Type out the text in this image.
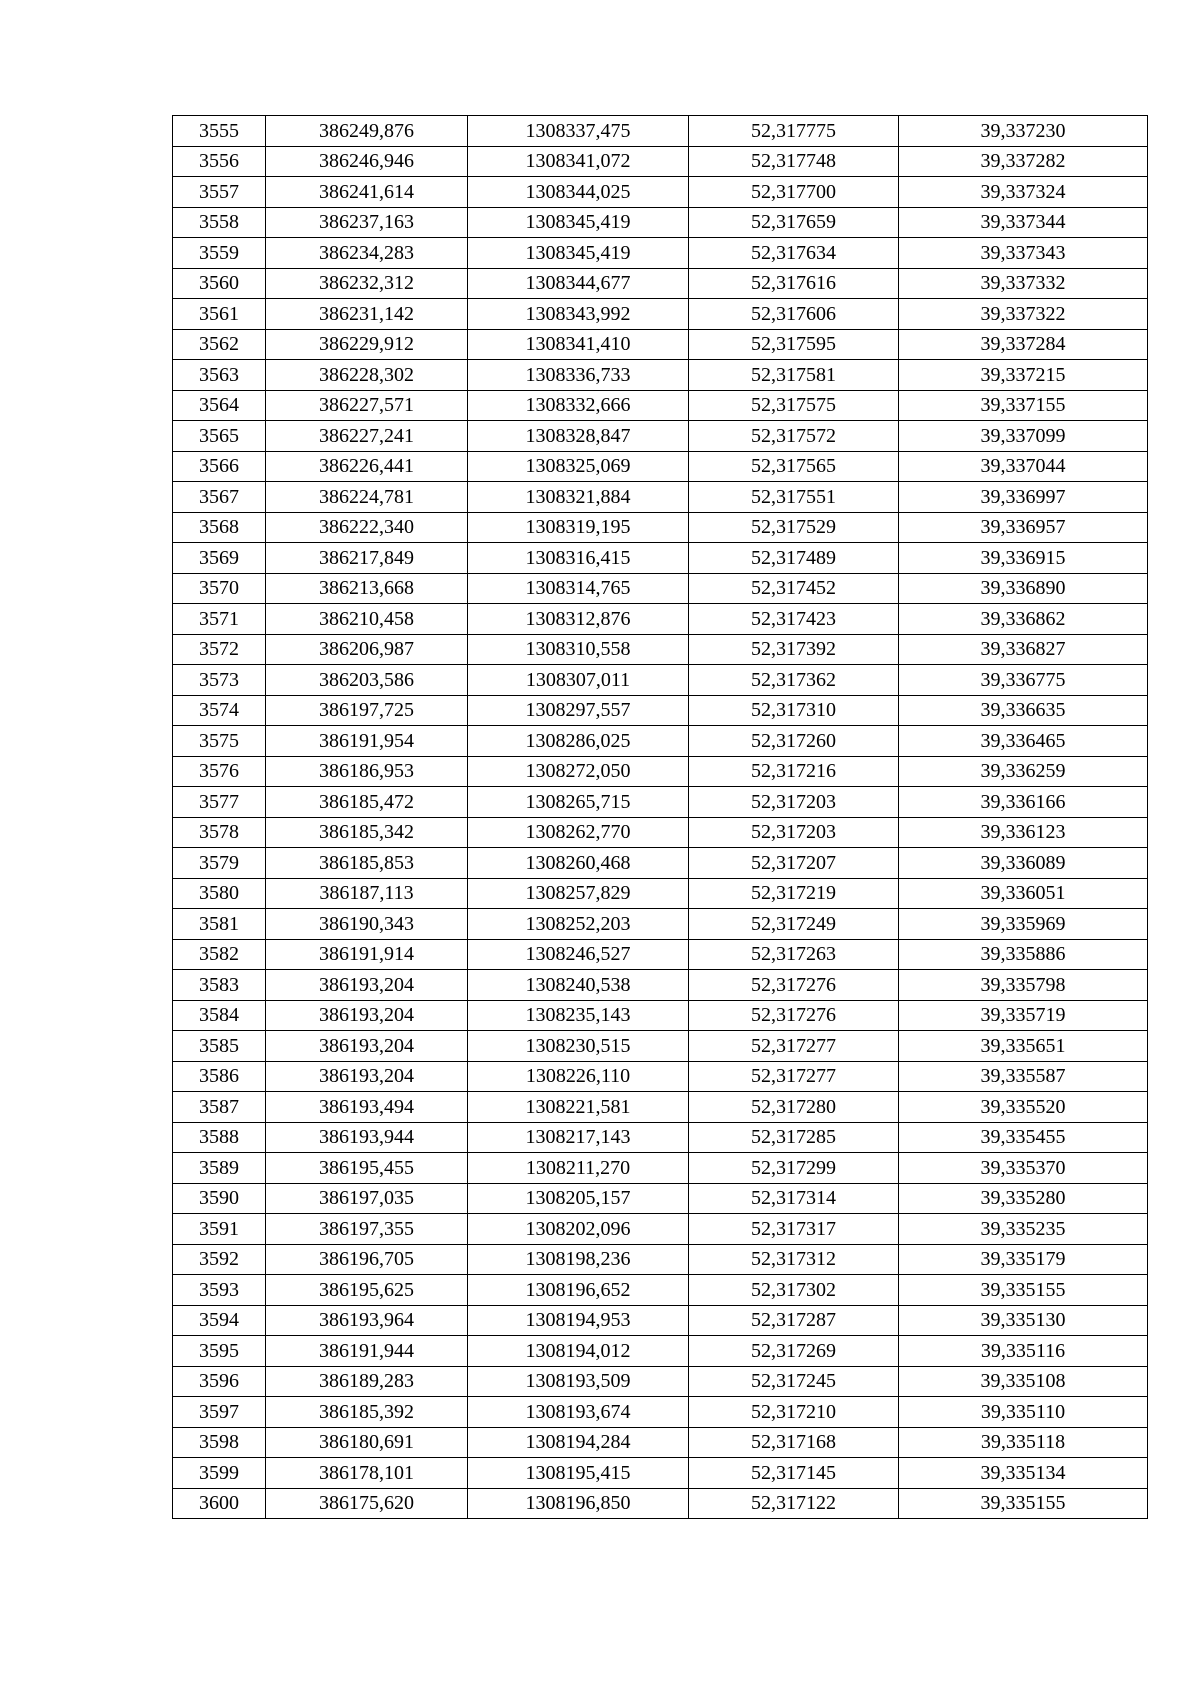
3555	386249,876	1308337,475	52,317775	39,337230
3556	386246,946	1308341,072	52,317748	39,337282
3557	386241,614	1308344,025	52,317700	39,337324
3558	386237,163	1308345,419	52,317659	39,337344
3559	386234,283	1308345,419	52,317634	39,337343
3560	386232,312	1308344,677	52,317616	39,337332
3561	386231,142	1308343,992	52,317606	39,337322
3562	386229,912	1308341,410	52,317595	39,337284
3563	386228,302	1308336,733	52,317581	39,337215
3564	386227,571	1308332,666	52,317575	39,337155
3565	386227,241	1308328,847	52,317572	39,337099
3566	386226,441	1308325,069	52,317565	39,337044
3567	386224,781	1308321,884	52,317551	39,336997
3568	386222,340	1308319,195	52,317529	39,336957
3569	386217,849	1308316,415	52,317489	39,336915
3570	386213,668	1308314,765	52,317452	39,336890
3571	386210,458	1308312,876	52,317423	39,336862
3572	386206,987	1308310,558	52,317392	39,336827
3573	386203,586	1308307,011	52,317362	39,336775
3574	386197,725	1308297,557	52,317310	39,336635
3575	386191,954	1308286,025	52,317260	39,336465
3576	386186,953	1308272,050	52,317216	39,336259
3577	386185,472	1308265,715	52,317203	39,336166
3578	386185,342	1308262,770	52,317203	39,336123
3579	386185,853	1308260,468	52,317207	39,336089
3580	386187,113	1308257,829	52,317219	39,336051
3581	386190,343	1308252,203	52,317249	39,335969
3582	386191,914	1308246,527	52,317263	39,335886
3583	386193,204	1308240,538	52,317276	39,335798
3584	386193,204	1308235,143	52,317276	39,335719
3585	386193,204	1308230,515	52,317277	39,335651
3586	386193,204	1308226,110	52,317277	39,335587
3587	386193,494	1308221,581	52,317280	39,335520
3588	386193,944	1308217,143	52,317285	39,335455
3589	386195,455	1308211,270	52,317299	39,335370
3590	386197,035	1308205,157	52,317314	39,335280
3591	386197,355	1308202,096	52,317317	39,335235
3592	386196,705	1308198,236	52,317312	39,335179
3593	386195,625	1308196,652	52,317302	39,335155
3594	386193,964	1308194,953	52,317287	39,335130
3595	386191,944	1308194,012	52,317269	39,335116
3596	386189,283	1308193,509	52,317245	39,335108
3597	386185,392	1308193,674	52,317210	39,335110
3598	386180,691	1308194,284	52,317168	39,335118
3599	386178,101	1308195,415	52,317145	39,335134
3600	386175,620	1308196,850	52,317122	39,335155
